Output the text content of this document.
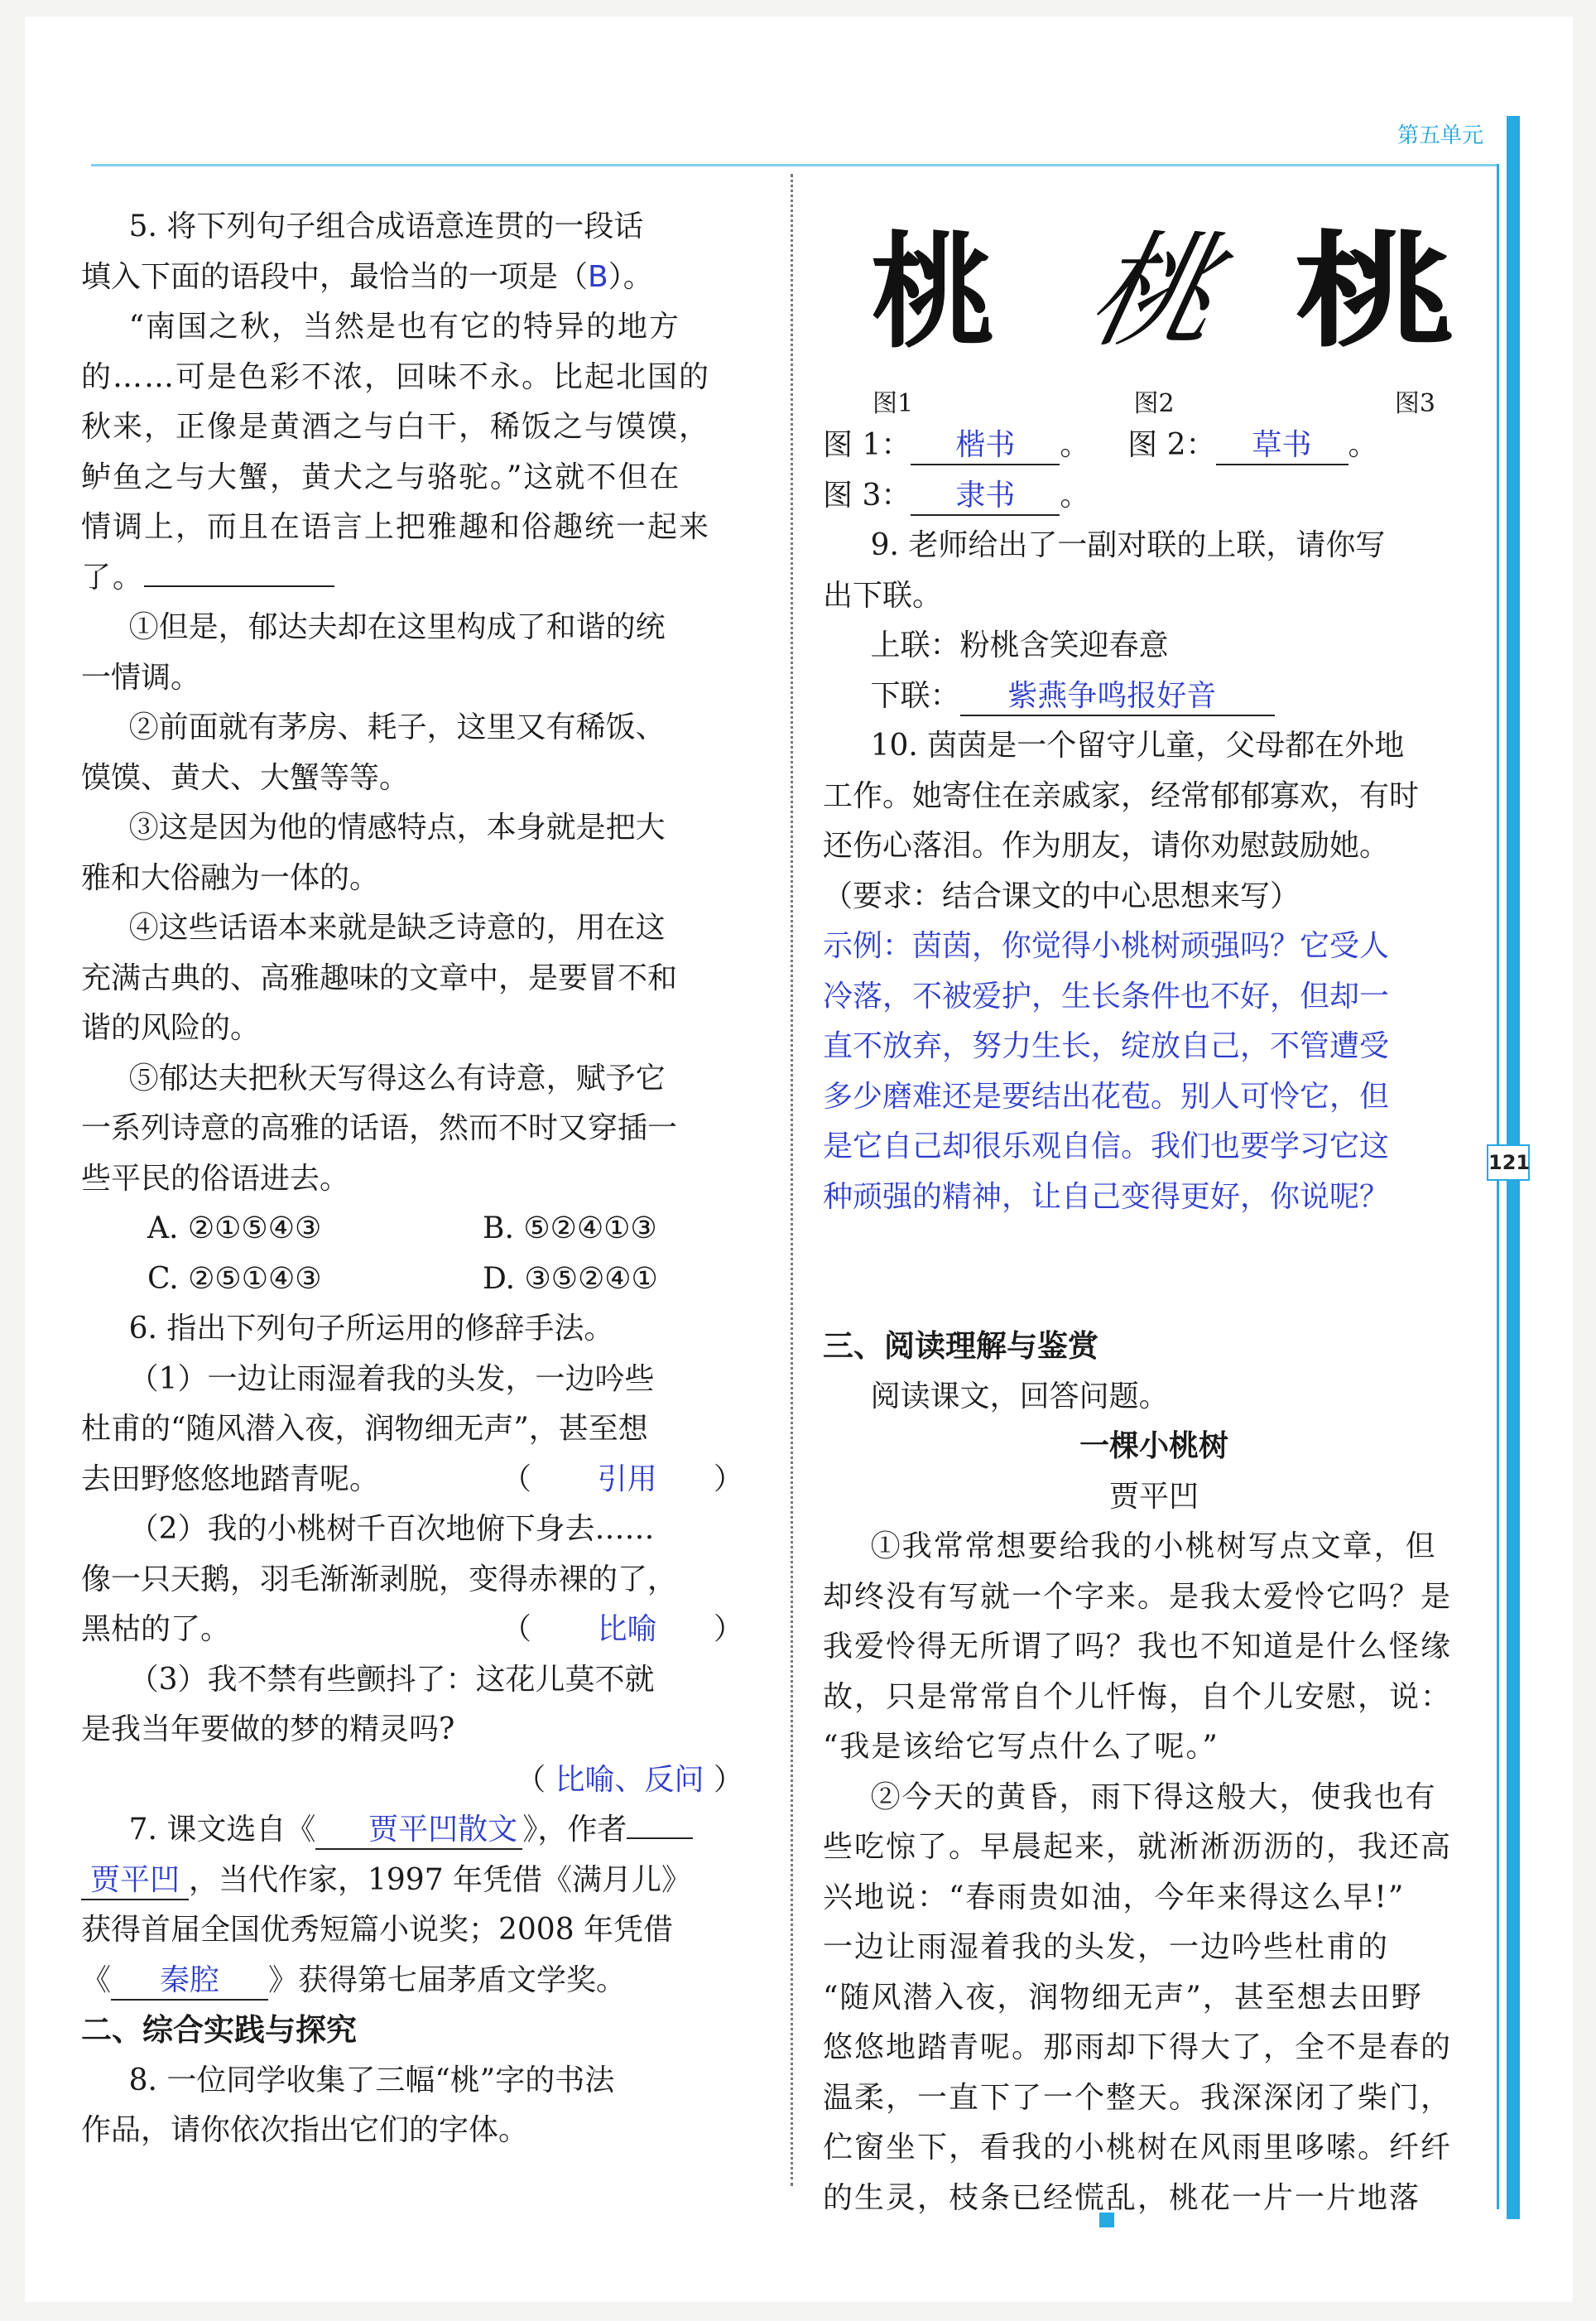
第五单元
121

5. 将下列句子组合成语意连贯的一段话

填入下面的语段中，最恰当的一项是（B）。

“南国之秋，当然是也有它的特异的地方

的……可是色彩不浓，回味不永。比起北国的

秋来，正像是黄酒之与白干，稀饭之与馍馍，

鲈鱼之与大蟹，黄犬之与骆驼。”这就不但在

情调上，而且在语言上把雅趣和俗趣统一起来

了。

①但是，郁达夫却在这里构成了和谐的统

一情调。

②前面就有茅房、耗子，这里又有稀饭、

馍馍、黄犬、大蟹等等。

③这是因为他的情感特点，本身就是把大

雅和大俗融为一体的。

④这些话语本来就是缺乏诗意的，用在这

充满古典的、高雅趣味的文章中，是要冒不和

谐的风险的。

⑤郁达夫把秋天写得这么有诗意，赋予它

一系列诗意的高雅的话语，然而不时又穿插一

些平民的俗语进去。

A. ②①⑤④③	B. ⑤②④①③
C. ②⑤①④③	D. ③⑤②④①

6. 指出下列句子所运用的修辞手法。

（1）一边让雨湿着我的头发，一边吟些

杜甫的“随风潜入夜，润物细无声”，甚至想

去田野悠悠地踏青呢。	（    引用   ）

（2）我的小桃树千百次地俯下身去……

像一只天鹅，羽毛渐渐剥脱，变得赤裸的了，

黑枯的了。	（    比喻   ）

（3）我不禁有些颤抖了：这花儿莫不就

是我当年要做的梦的精灵吗?

（ 比喻、反问 ）

7. 课文选自《 贾平凹散文 》，作者

贾平凹 ，当代作家，1997 年凭借《满月儿》

获得首届全国优秀短篇小说奖；2008 年凭借

《 秦腔 》获得第七届茅盾文学奖。

二、综合实践与探究

8. 一位同学收集了三幅“桃”字的书法

作品，请你依次指出它们的字体。

桃 桃 桃
图1	图2	图3

图 1： 楷书 。 图 2： 草书 。

图 3： 隶书 。

9. 老师给出了一副对联的上联，请你写

出下联。

上联：粉桃含笑迎春意

下联： 紫燕争鸣报好音

10. 茵茵是一个留守儿童，父母都在外地

工作。她寄住在亲戚家，经常郁郁寡欢，有时

还伤心落泪。作为朋友，请你劝慰鼓励她。

（要求：结合课文的中心思想来写）

示例：茵茵，你觉得小桃树顽强吗？它受人

冷落，不被爱护，生长条件也不好，但却一

直不放弃，努力生长，绽放自己，不管遭受

多少磨难还是要结出花苞。别人可怜它，但

是它自己却很乐观自信。我们也要学习它这

种顽强的精神，让自己变得更好，你说呢？

三、阅读理解与鉴赏

阅读课文，回答问题。

一棵小桃树

贾平凹

①我常常想要给我的小桃树写点文章，但

却终没有写就一个字来。是我太爱怜它吗？是

我爱怜得无所谓了吗？我也不知道是什么怪缘

故，只是常常自个儿忏悔，自个儿安慰，说：

“我是该给它写点什么了呢。”

②今天的黄昏，雨下得这般大，使我也有

些吃惊了。早晨起来，就淅淅沥沥的，我还高

兴地说：“春雨贵如油，今年来得这么早!”

一边让雨湿着我的头发，一边吟些杜甫的

“随风潜入夜，润物细无声”，甚至想去田野

悠悠地踏青呢。那雨却下得大了，全不是春的

温柔，一直下了一个整天。我深深闭了柴门，

伫窗坐下，看我的小桃树在风雨里哆嗦。纤纤

的生灵，枝条已经慌乱，桃花一片一片地落
